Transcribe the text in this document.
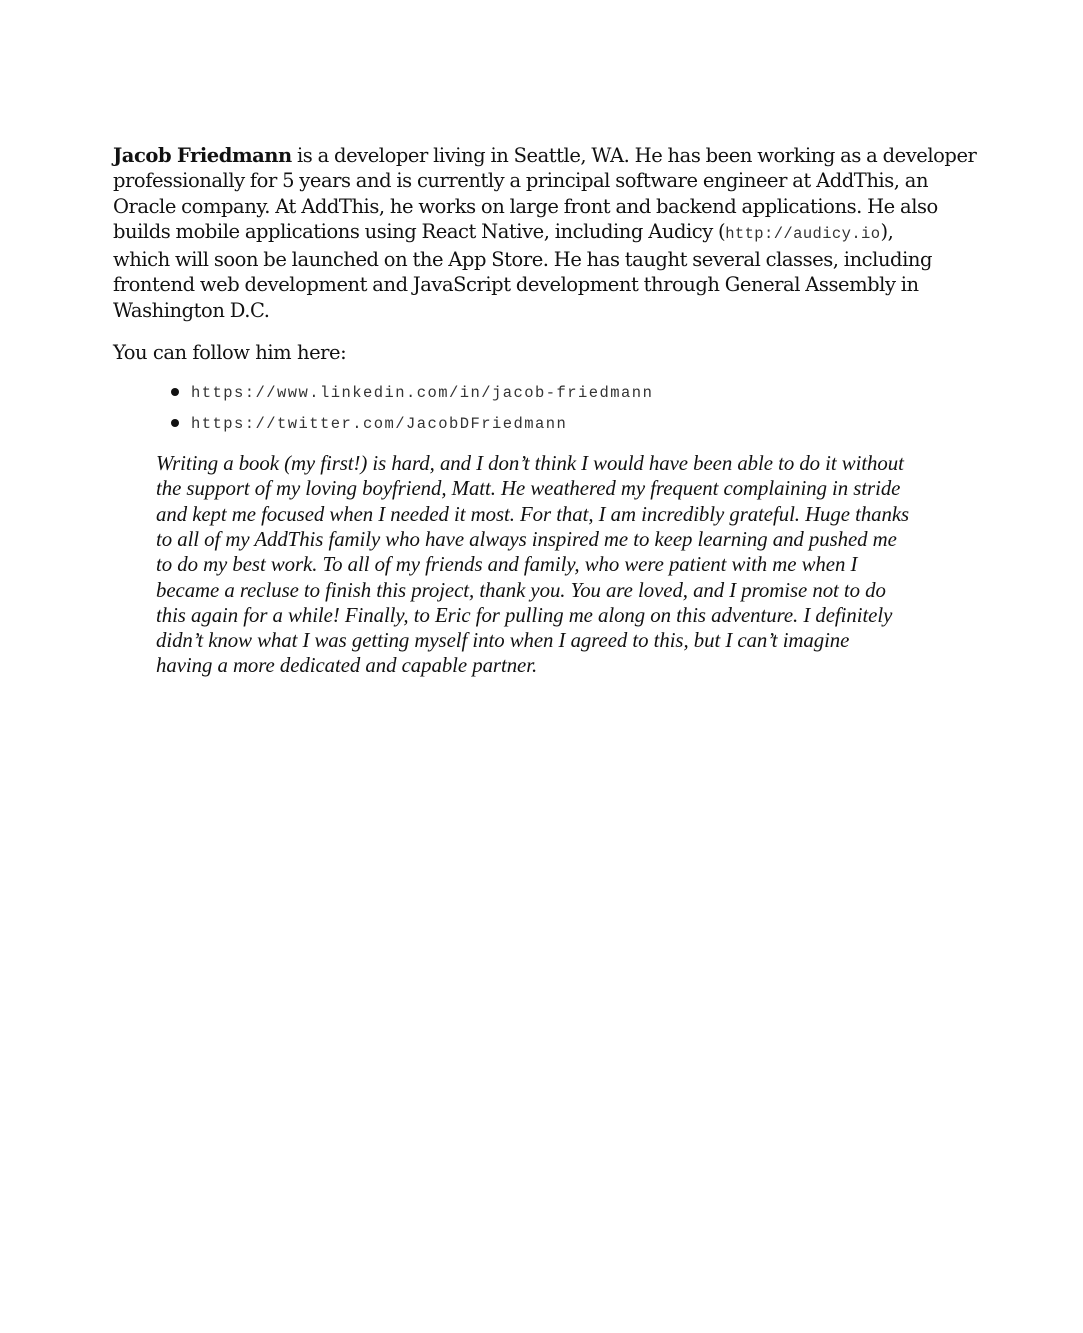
Jacob Friedmann is a developer living in Seattle, WA. He has been working as a developer
professionally for 5 years and is currently a principal software engineer at AddThis, an
Oracle company. At AddThis, he works on large front and backend applications. He also
builds mobile applications using React Native, including Audicy (http://audicy.io),
which will soon be launched on the App Store. He has taught several classes, including
frontend web development and JavaScript development through General Assembly in
Washington D.C.

You can follow him here:

https://www.linkedin.com/in/jacob-friedmann
https://twitter.com/JacobDFriedmann
Writing a book (my first!) is hard, and I don’t think I would have been able to do it without
the support of my loving boyfriend, Matt. He weathered my frequent complaining in stride
and kept me focused when I needed it most. For that, I am incredibly grateful. Huge thanks
to all of my AddThis family who have always inspired me to keep learning and pushed me
to do my best work. To all of my friends and family, who were patient with me when I
became a recluse to finish this project, thank you. You are loved, and I promise not to do
this again for a while! Finally, to Eric for pulling me along on this adventure. I definitely
didn’t know what I was getting myself into when I agreed to this, but I can’t imagine
having a more dedicated and capable partner.
